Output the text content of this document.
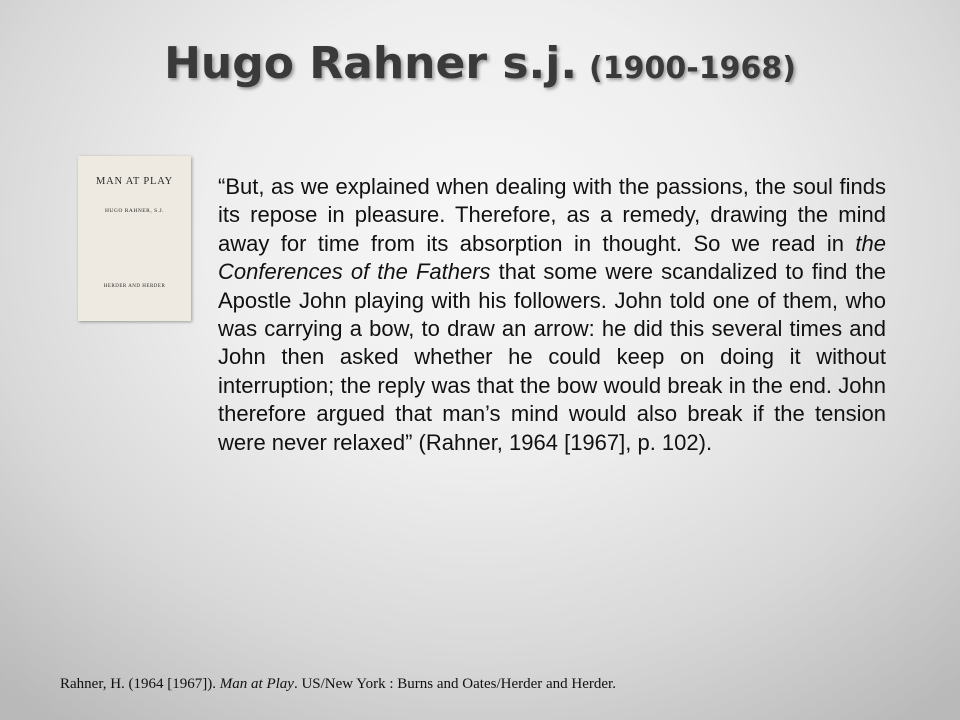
Hugo Rahner s.j. (1900-1968)
MAN AT PLAY
HUGO RAHNER, S.J.
HERDER AND HERDER

“But, as we explained when dealing with the passions, the soul finds its repose in pleasure. Therefore, as a remedy, drawing the mind away for time from its absorption in thought. So we read in the Conferences of the Fathers that some were scandalized to find the Apostle John playing with his followers. John told one of them, who was carrying a bow, to draw an arrow: he did this several times and John then asked whether he could keep on doing it without interruption; the reply was that the bow would break in the end. John therefore argued that man’s mind would also break if the tension were never relaxed” (Rahner, 1964 [1967], p. 102).

Rahner, H. (1964 [1967]). Man at Play. US/New York : Burns and Oates/Herder and Herder.
